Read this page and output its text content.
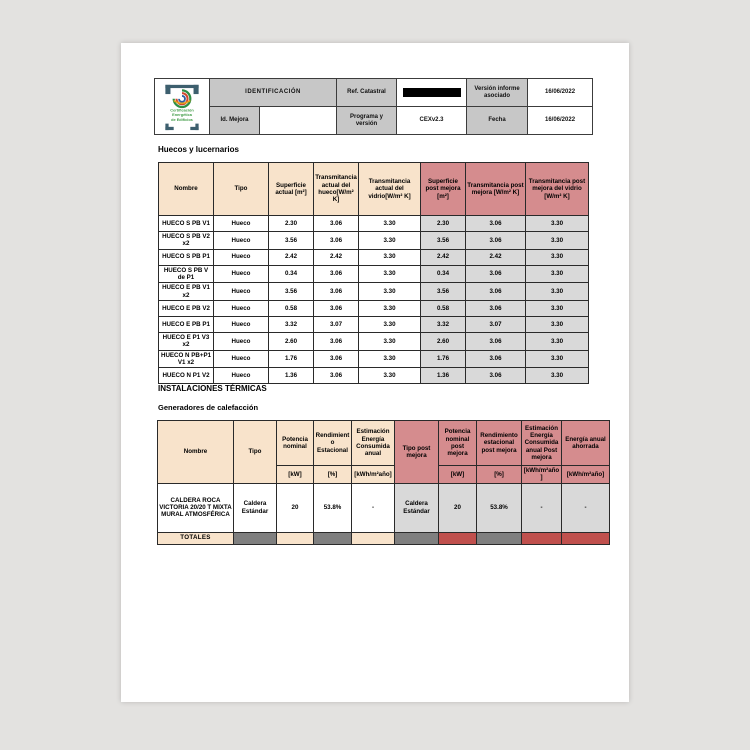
Certificación
Energética
de Edificios	IDENTIFICACIÓN		Ref. Catastral		Versión informe asociado	16/06/2022
	Id. Mejora		Programa y versión	CEXv2.3	Fecha	16/06/2022
Huecos y lucernarios
Nombre	Tipo	Superficie actual [m²]	Transmitancia actual del hueco[W/m² K]	Transmitancia actual del vidrio[W/m² K]	Superficie post mejora [m²]	Transmitancia post mejora [W/m² K]	Transmitancia post mejora del vidrio [W/m² K]
HUECO S PB V1	Hueco	2.30	3.06	3.30	2.30	3.06	3.30
HUECO S PB V2 x2	Hueco	3.56	3.06	3.30	3.56	3.06	3.30
HUECO S PB P1	Hueco	2.42	2.42	3.30	2.42	2.42	3.30
HUECO S PB V de P1	Hueco	0.34	3.06	3.30	0.34	3.06	3.30
HUECO E PB V1 x2	Hueco	3.56	3.06	3.30	3.56	3.06	3.30
HUECO E PB V2	Hueco	0.58	3.06	3.30	0.58	3.06	3.30
HUECO E PB P1	Hueco	3.32	3.07	3.30	3.32	3.07	3.30
HUECO E P1 V3 x2	Hueco	2.60	3.06	3.30	2.60	3.06	3.30
HUECO N PB+P1 V1 x2	Hueco	1.76	3.06	3.30	1.76	3.06	3.30
HUECO N P1 V2	Hueco	1.36	3.06	3.30	1.36	3.06	3.30
INSTALACIONES TÉRMICAS
Generadores de calefacción
Nombre	Tipo	Potencia nominal	Rendimiento Estacional	Estimación Energía Consumida anual	Tipo post mejora	Potencia nominal post mejora	Rendimiento estacional post mejora	Estimación Energía Consumida anual Post mejora	Energía anual ahorrada
		[kW]	[%]	[kWh/m²año]		[kW]	[%]	[kWh/m²año]	[kWh/m²año]
CALDERA ROCA VICTORIA 20/20 T MIXTA MURAL ATMOSFÉRICA	Caldera Estándar	20	53.8%	-	Caldera Estándar	20	53.8%	-	-
TOTALES									
